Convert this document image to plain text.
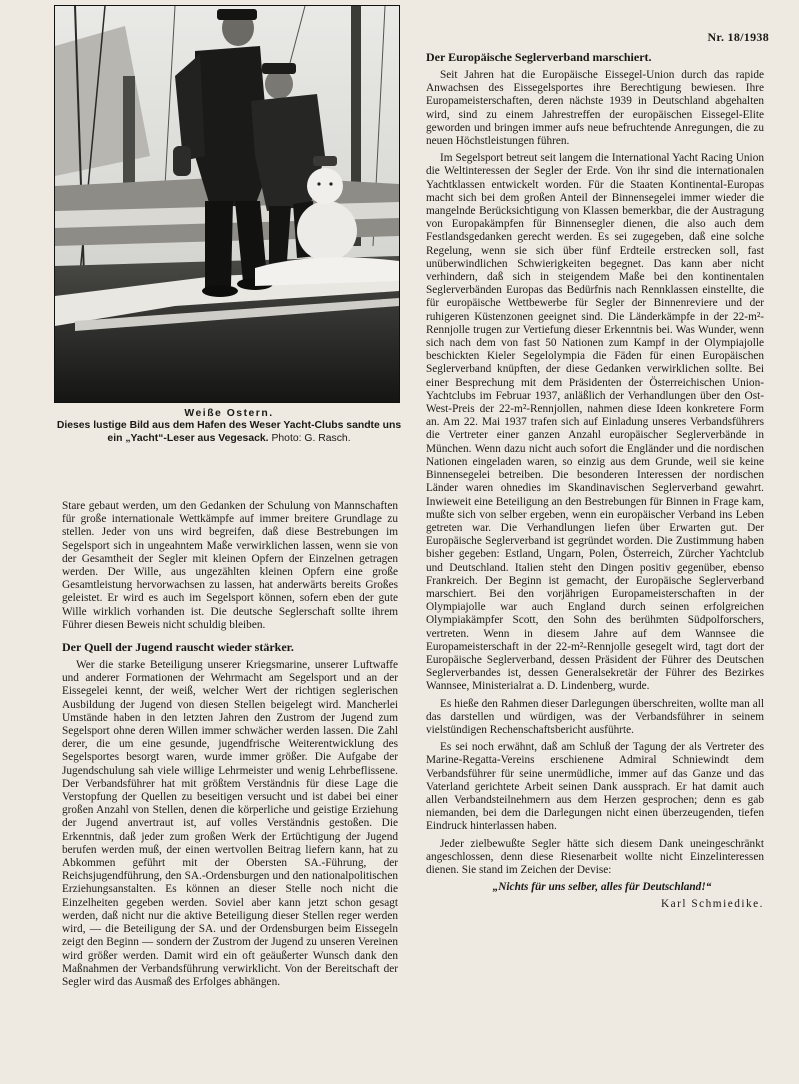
Nr. 18/1938
Weiße Ostern.
Dieses lustige Bild aus dem Hafen des Weser Yacht-Clubs sandte uns ein „Yacht“-Leser aus Vegesack. Photo: G. Rasch.

Stare gebaut werden, um den Gedanken der Schulung von Mannschaften für große internationale Wettkämpfe auf immer breitere Grundlage zu stellen. Jeder von uns wird begreifen, daß diese Bestrebungen im Segelsport sich in ungeahntem Maße verwirklichen lassen, wenn sie von der Gesamtheit der Segler mit kleinen Opfern der Einzelnen getragen werden. Der Wille, aus ungezählten kleinen Opfern eine große Gesamtleistung hervorwachsen zu lassen, hat anderwärts bereits Großes geleistet. Er wird es auch im Segelsport können, sofern eben der gute Wille wirklich vorhanden ist. Die deutsche Seglerschaft sollte ihrem Führer diesen Beweis nicht schuldig bleiben.

Der Quell der Jugend rauscht wieder stärker.

Wer die starke Beteiligung unserer Kriegsmarine, unserer Luftwaffe und anderer Formationen der Wehrmacht am Segelsport und an der Eissegelei kennt, der weiß, welcher Wert der richtigen seglerischen Ausbildung der Jugend von diesen Stellen beigelegt wird. Mancherlei Umstände haben in den letzten Jahren den Zustrom der Jugend zum Segelsport ohne deren Willen immer schwächer werden lassen. Die Zahl derer, die um eine gesunde, jugendfrische Weiterentwicklung des Segelsportes besorgt waren, wurde immer größer. Die Aufgabe der Jugendschulung sah viele willige Lehrmeister und wenig Lehrbeflissene. Der Verbandsführer hat mit größtem Verständnis für diese Lage die Verstopfung der Quellen zu beseitigen versucht und ist dabei bei einer großen Anzahl von Stellen, denen die körperliche und geistige Erziehung der Jugend anvertraut ist, auf volles Verständnis gestoßen. Die Erkenntnis, daß jeder zum großen Werk der Ertüchtigung der Jugend berufen werden muß, der einen wertvollen Beitrag liefern kann, hat zu Abkommen geführt mit der Obersten SA.-Führung, der Reichsjugendführung, den SA.-Ordensburgen und den nationalpolitischen Erziehungsanstalten. Es können an dieser Stelle noch nicht die Einzelheiten gegeben werden. Soviel aber kann jetzt schon gesagt werden, daß nicht nur die aktive Beteiligung dieser Stellen reger werden wird, — die Beteiligung der SA. und der Ordensburgen beim Eissegeln zeigt den Beginn — sondern der Zustrom der Jugend zu unseren Vereinen wird größer werden. Damit wird ein oft geäußerter Wunsch dank den Maßnahmen der Verbandsführung verwirklicht. Von der Bereitschaft der Segler wird das Ausmaß des Erfolges abhängen.

Der Europäische Seglerverband marschiert.

Seit Jahren hat die Europäische Eissegel-Union durch das rapide Anwachsen des Eissegelsportes ihre Berechtigung bewiesen. Ihre Europameisterschaften, deren nächste 1939 in Deutschland abgehalten wird, sind zu einem Jahrestreffen der europäischen Eissegel-Elite geworden und bringen immer aufs neue befruchtende Anregungen, die zu neuen Höchstleistungen führen.

Im Segelsport betreut seit langem die International Yacht Racing Union die Weltinteressen der Segler der Erde. Von ihr sind die internationalen Yachtklassen entwickelt worden. Für die Staaten Kontinental-Europas macht sich bei dem großen Anteil der Binnensegelei immer wieder die mangelnde Berücksichtigung von Klassen bemerkbar, die der Austragung von Europakämpfen für Binnensegler dienen, die also auch dem Festlandsgedanken gerecht werden. Es sei zugegeben, daß eine solche Regelung, wenn sie sich über fünf Erdteile erstrecken soll, fast unüberwindlichen Schwierigkeiten begegnet. Das kann aber nicht verhindern, daß sich in steigendem Maße bei den kontinentalen Seglerverbänden Europas das Bedürfnis nach Rennklassen einstellte, die für europäische Wettbewerbe für Segler der Binnenreviere und der ruhigeren Küstenzonen geeignet sind. Die Länderkämpfe in der 22-m²-Rennjolle trugen zur Vertiefung dieser Erkenntnis bei. Was Wunder, wenn sich nach dem von fast 50 Nationen zum Kampf in der Olympiajolle beschickten Kieler Segelolympia die Fäden für einen Europäischen Seglerverband knüpften, der diese Gedanken verwirklichen sollte. Bei einer Besprechung mit dem Präsidenten der Österreichischen Union-Yachtclubs im Februar 1937, anläßlich der Verhandlungen über den Ost-West-Preis der 22-m²-Rennjollen, nahmen diese Ideen konkretere Form an. Am 22. Mai 1937 trafen sich auf Einladung unseres Verbandsführers die Vertreter einer ganzen Anzahl europäischer Seglerverbände in München. Wenn dazu nicht auch sofort die Engländer und die nordischen Nationen eingeladen waren, so einzig aus dem Grunde, weil sie keine Binnensegelei betreiben. Die besonderen Interessen der nordischen Länder waren ohnedies im Skandinavischen Seglerverband gewahrt. Inwieweit eine Beteiligung an den Bestrebungen für Binnen in Frage kam, mußte sich von selber ergeben, wenn ein europäischer Verband ins Leben getreten war. Die Verhandlungen liefen über Erwarten gut. Der Europäische Seglerverband ist gegründet worden. Die Zustimmung haben bisher gegeben: Estland, Ungarn, Polen, Österreich, Zürcher Yachtclub und Deutschland. Italien steht den Dingen positiv gegenüber, ebenso Frankreich. Der Beginn ist gemacht, der Europäische Seglerverband marschiert. Bei den vorjährigen Europameisterschaften in der Olympiajolle war auch England durch seinen erfolgreichen Olympiakämpfer Scott, den Sohn des berühmten Südpolforschers, vertreten. Wenn in diesem Jahre auf dem Wannsee die Europameisterschaft in der 22-m²-Rennjolle gesegelt wird, tagt dort der Europäische Seglerverband, dessen Präsident der Führer des Deutschen Seglerverbandes ist, dessen Generalsekretär der Führer des Bezirkes Wannsee, Ministerialrat a. D. Lindenberg, wurde.

Es hieße den Rahmen dieser Darlegungen überschreiten, wollte man all das darstellen und würdigen, was der Verbandsführer in seinem vielstündigen Rechenschaftsbericht ausführte.

Es sei noch erwähnt, daß am Schluß der Tagung der als Vertreter des Marine-Regatta-Vereins erschienene Admiral Schniewindt dem Verbandsführer für seine unermüdliche, immer auf das Ganze und das Vaterland gerichtete Arbeit seinen Dank aussprach. Er hat damit auch allen Verbandsteilnehmern aus dem Herzen gesprochen; denn es gab niemanden, bei dem die Darlegungen nicht einen überzeugenden, tiefen Eindruck hinterlassen haben.

Jeder zielbewußte Segler hätte sich diesem Dank uneingeschränkt angeschlossen, denn diese Riesenarbeit wollte nicht Einzelinteressen dienen. Sie stand im Zeichen der Devise:

„Nichts für uns selber, alles für Deutschland!“

Karl Schmiedike.
